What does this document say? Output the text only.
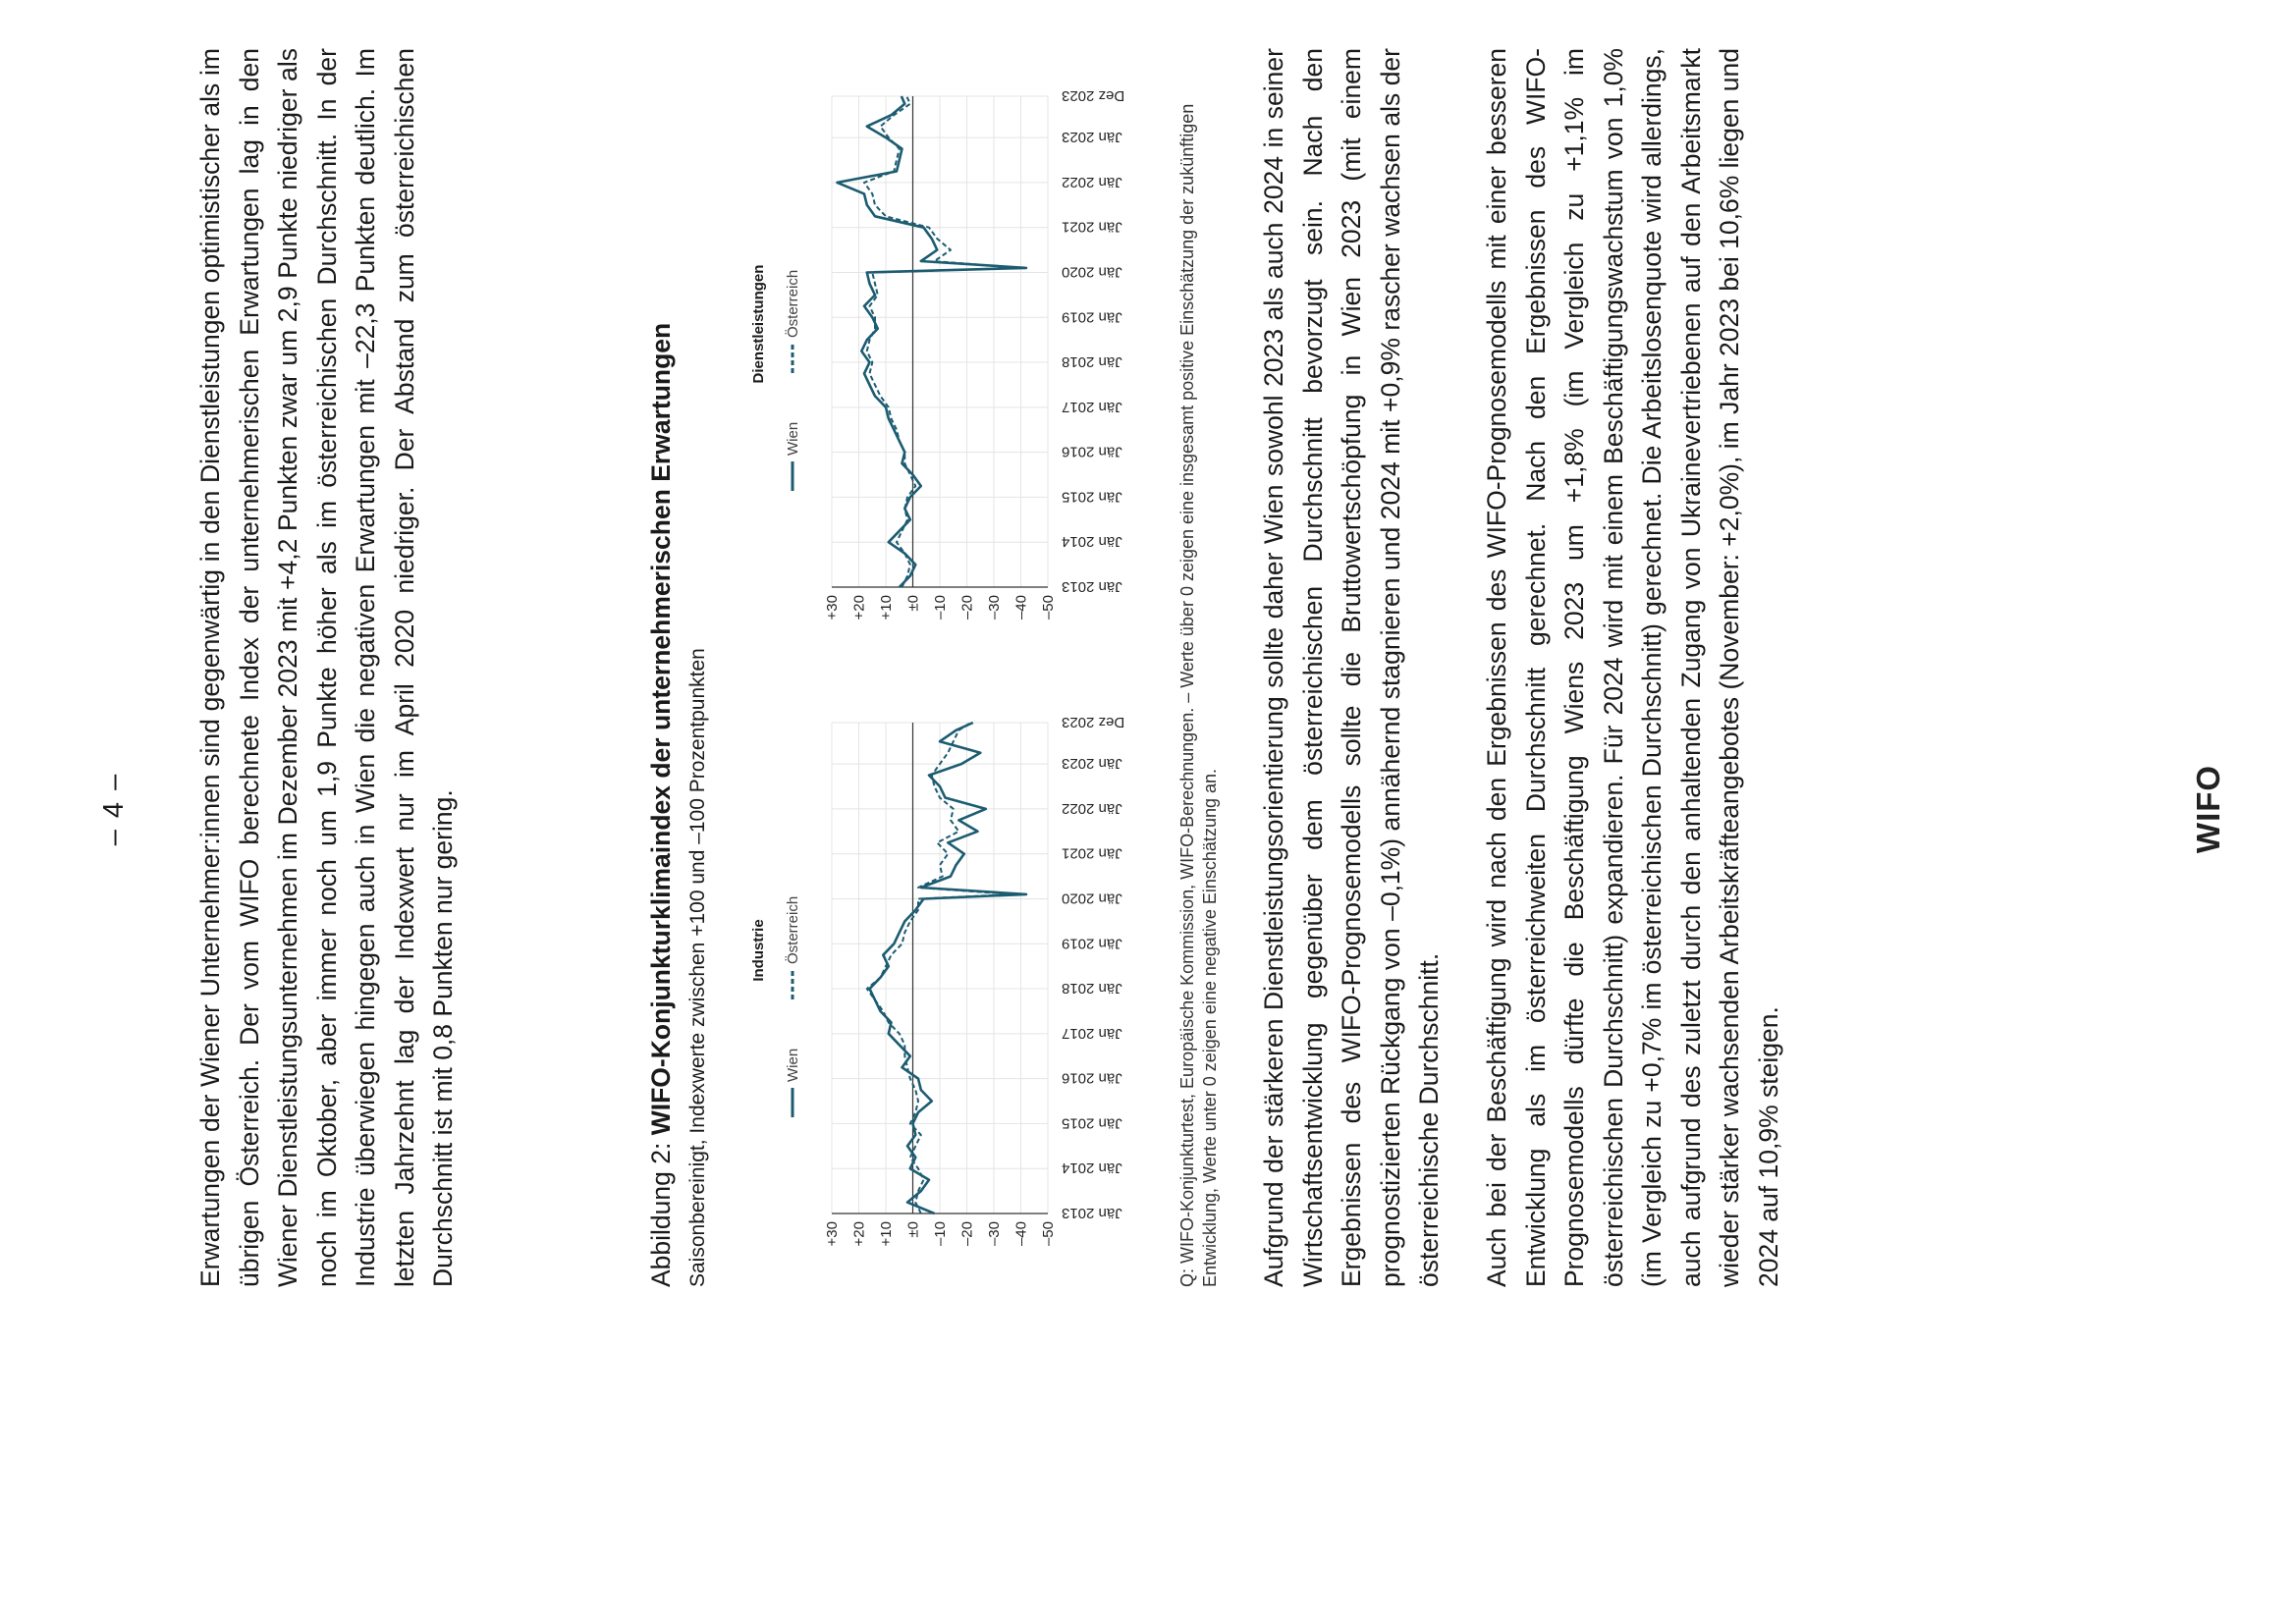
– 4 –	Erwartungen der Wiener Unternehmer:innen sind gegenwärtig in den Dienstleistungen optimistischer als im übrigen Österreich. Der vom WIFO berechnete Index der unternehmerischen Erwartungen lag in den Wiener Dienstleistungsunternehmen im Dezember 2023 mit +4,2 Punkten zwar um 2,9 Punkte niedriger als noch im Oktober, aber immer noch um 1,9 Punkte höher als im österreichischen Durchschnitt. In der Industrie überwiegen hingegen auch in Wien die negativen Erwartungen mit –22,3 Punkten deutlich. Im letzten Jahrzehnt lag der Indexwert nur im April 2020 niedriger. Der Abstand zum österreichischen Durchschnitt ist mit 0,8 Punkten nur gering.	Abbildung 2: WIFO-Konjunkturklimaindex der unternehmerischen Erwartungen Saisonbereinigt, Indexwerte zwischen +100 und –100 Prozentpunkten	Industrie
Dienstleistungen
Wien
Österreich
+30 +20 +10 ±0 –10 –20 –30 –40 –50
Jän 2013
Jän 2014
Jän 2015
Jän 2016
Jän 2017
Jän 2018
Jän 2019
Jän 2020
Jän 2021
Jän 2022
Jän 2023
Dez 2023
Wien
Österreich
+30 +20 +10 ±0 –10 –20 –30 –40 –50
Jän 2013
Jän 2014
Jän 2015
Jän 2016
Jän 2017
Jän 2018
Jän 2019
Jän 2020
Jän 2021
Jän 2022
Jän 2023
Dez 2023
Q: WIFO-Konjunkturtest, Europäische Kommission, WIFO-Berechnungen. – Werte über 0 zeigen eine insgesamt positive Einschätzung der zukünftigen Entwicklung, Werte unter 0 zeigen eine negative Einschätzung an. Aufgrund der stärkeren Dienstleistungsorientierung sollte daher Wien sowohl 2023 als auch 2024 in seiner Wirtschaftsentwicklung gegenüber dem österreichischen Durchschnitt bevorzugt sein. Nach den Ergebnissen des WIFO-Prognosemodells sollte die Bruttowertschöpfung in Wien 2023 (mit einem prognostizierten Rückgang von –0,1%) annähernd stagnieren und 2024 mit +0,9% rascher wachsen als der österreichische Durchschnitt. Auch bei der Beschäftigung wird nach den Ergebnissen des WIFO-Prognosemodells mit einer besseren Entwicklung als im österreichweiten Durchschnitt gerechnet. Nach den Ergebnissen des WIFO-Prognosemodells dürfte die Beschäftigung Wiens 2023 um +1,8% (im Vergleich zu +1,1% im österreichischen Durchschnitt) expandieren. Für 2024 wird mit einem Beschäftigungswachstum von 1,0% (im Vergleich zu +0,7% im österreichischen Durchschnitt) gerechnet. Die Arbeitslosenquote wird allerdings, auch aufgrund des zuletzt durch den anhaltenden Zugang von Ukrainevertriebenen auf den Arbeitsmarkt wieder stärker wachsenden Arbeitskräfteangebotes (November: +2,0%), im Jahr 2023 bei 10,6% liegen und 2024 auf 10,9% steigen.
WIFO
